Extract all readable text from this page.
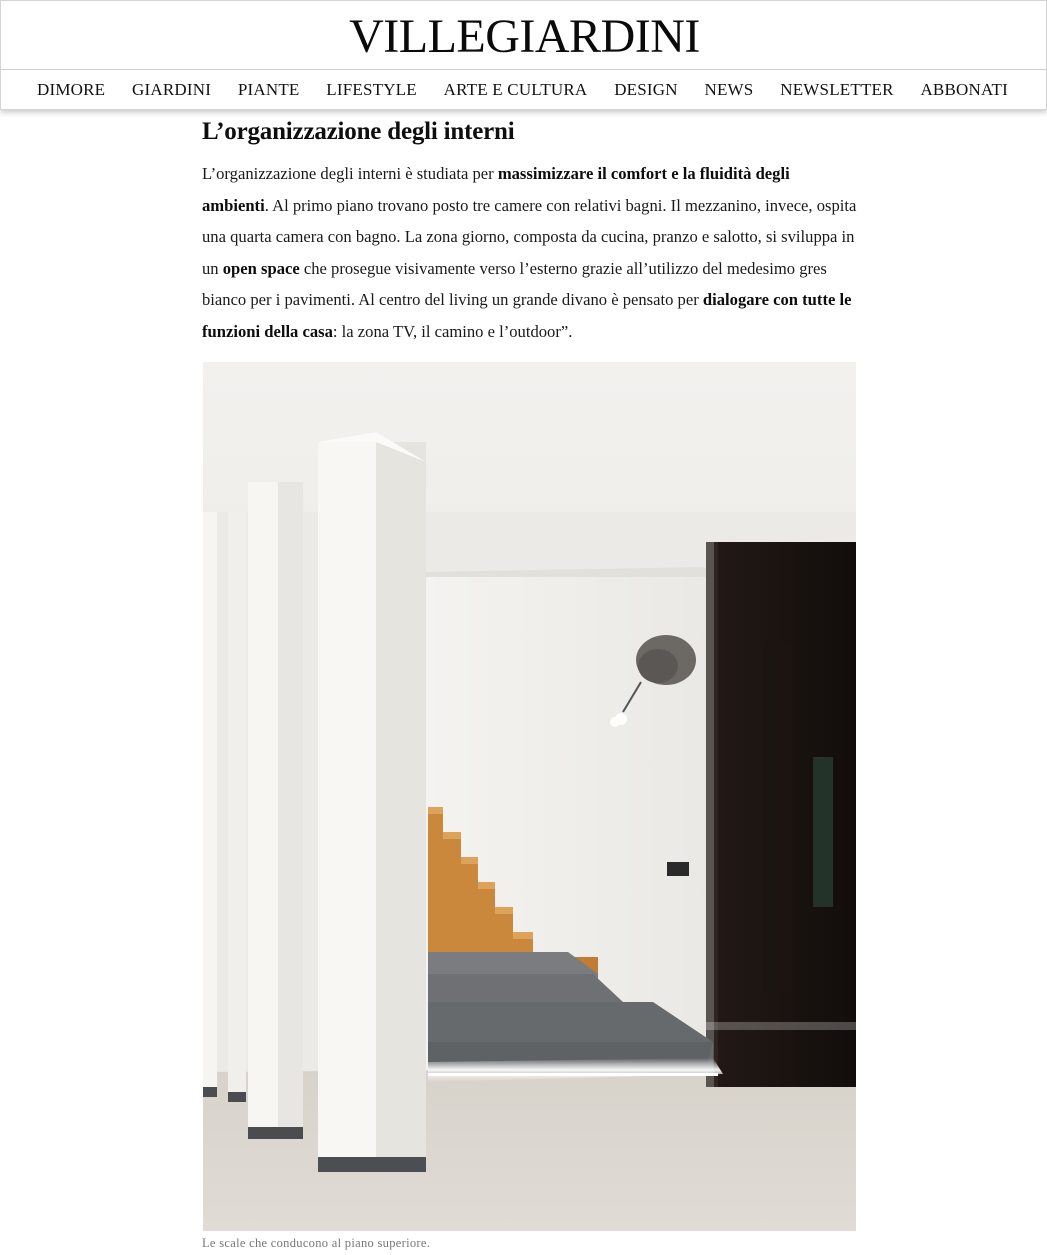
VILLEGIARDINI
DIMORE	GIARDINI	PIANTE	LIFESTYLE	ARTE E CULTURA	DESIGN	NEWS	NEWSLETTER	ABBONATI
L’organizzazione degli interni

L’organizzazione degli interni è studiata per massimizzare il comfort e la fluidità degli ambienti. Al primo piano trovano posto tre camere con relativi bagni. Il mezzanino, invece, ospita una quarta camera con bagno. La zona giorno, composta da cucina, pranzo e salotto, si sviluppa in un open space che prosegue visivamente verso l’esterno grazie all’utilizzo del medesimo gres bianco per i pavimenti. Al centro del living un grande divano è pensato per dialogare con tutte le funzioni della casa: la zona TV, il camino e l’outdoor”.

Le scale che conducono al piano superiore.
